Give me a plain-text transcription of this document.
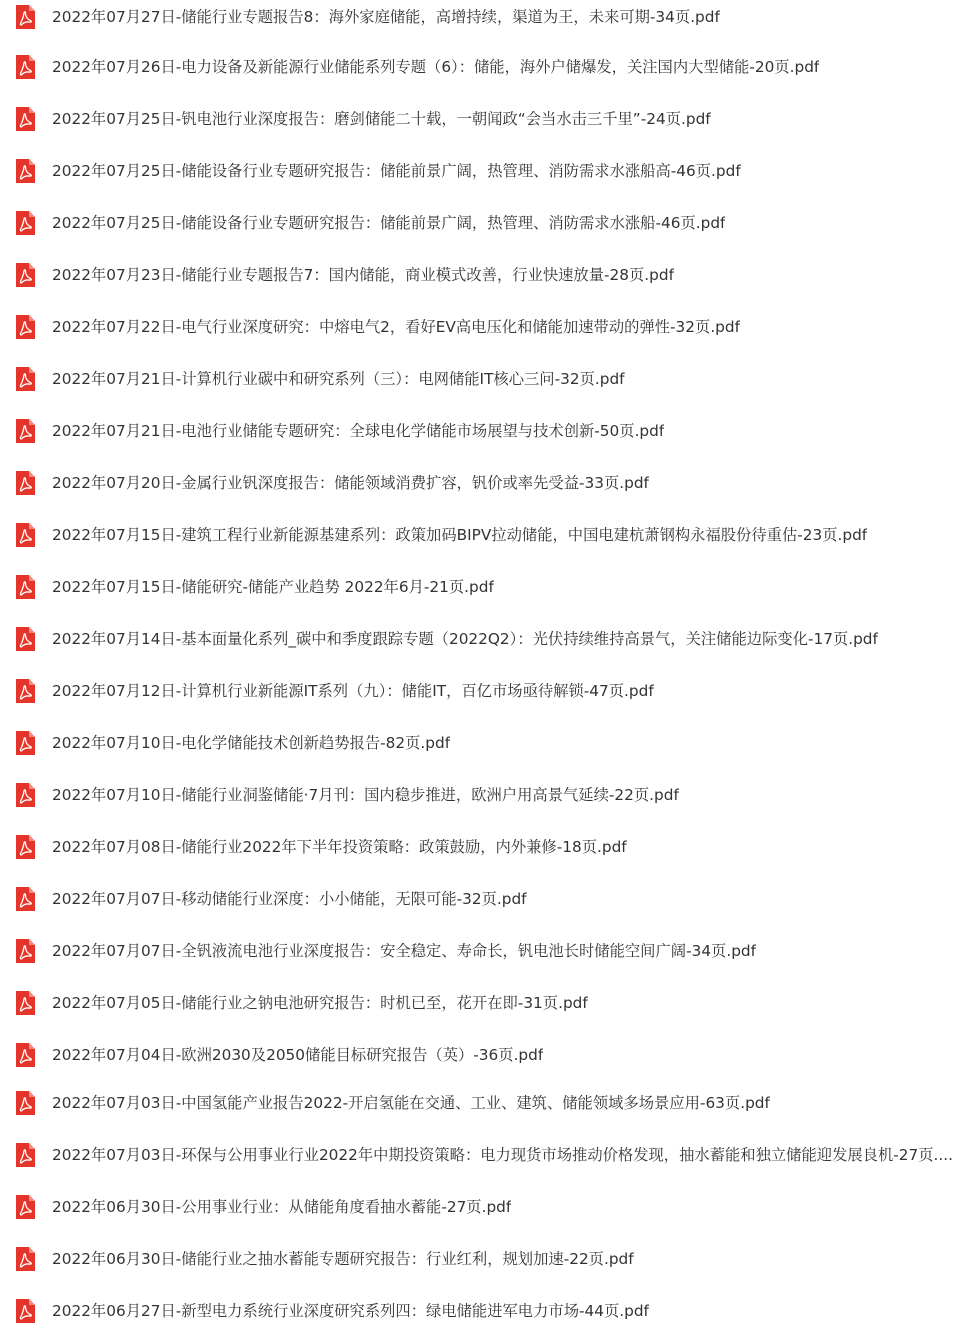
2022年07月27日-储能行业专题报告8：海外家庭储能，高增持续，渠道为王，未来可期-34页.pdf
2022年07月26日-电力设备及新能源行业储能系列专题（6）：储能，海外户储爆发，关注国内大型储能-20页.pdf
2022年07月25日-钒电池行业深度报告：磨剑储能二十载，一朝闻政“会当水击三千里”-24页.pdf
2022年07月25日-储能设备行业专题研究报告：储能前景广阔，热管理、消防需求水涨船高-46页.pdf
2022年07月25日-储能设备行业专题研究报告：储能前景广阔，热管理、消防需求水涨船-46页.pdf
2022年07月23日-储能行业专题报告7：国内储能，商业模式改善，行业快速放量-28页.pdf
2022年07月22日-电气行业深度研究：中熔电气2，看好EV高电压化和储能加速带动的弹性-32页.pdf
2022年07月21日-计算机行业碳中和研究系列（三）：电网储能IT核心三问-32页.pdf
2022年07月21日-电池行业储能专题研究：全球电化学储能市场展望与技术创新-50页.pdf
2022年07月20日-金属行业钒深度报告：储能领域消费扩容，钒价或率先受益-33页.pdf
2022年07月15日-建筑工程行业新能源基建系列：政策加码BIPV拉动储能，中国电建杭萧钢构永福股份待重估-23页.pdf
2022年07月15日-储能研究-储能产业趋势 2022年6月-21页.pdf
2022年07月14日-基本面量化系列_碳中和季度跟踪专题（2022Q2）：光伏持续维持高景气，关注储能边际变化-17页.pdf
2022年07月12日-计算机行业新能源IT系列（九）：储能IT，百亿市场亟待解锁-47页.pdf
2022年07月10日-电化学储能技术创新趋势报告-82页.pdf
2022年07月10日-储能行业洞鉴储能·7月刊：国内稳步推进，欧洲户用高景气延续-22页.pdf
2022年07月08日-储能行业2022年下半年投资策略：政策鼓励，内外兼修-18页.pdf
2022年07月07日-移动储能行业深度：小小储能，无限可能-32页.pdf
2022年07月07日-全钒液流电池行业深度报告：安全稳定、寿命长，钒电池长时储能空间广阔-34页.pdf
2022年07月05日-储能行业之钠电池研究报告：时机已至，花开在即-31页.pdf
2022年07月04日-欧洲2030及2050储能目标研究报告（英）-36页.pdf
2022年07月03日-中国氢能产业报告2022-开启氢能在交通、工业、建筑、储能领域多场景应用-63页.pdf
2022年07月03日-环保与公用事业行业2022年中期投资策略：电力现货市场推动价格发现，抽水蓄能和独立储能迎发展良机-27页....
2022年06月30日-公用事业行业：从储能角度看抽水蓄能-27页.pdf
2022年06月30日-储能行业之抽水蓄能专题研究报告：行业红利，规划加速-22页.pdf
2022年06月27日-新型电力系统行业深度研究系列四：绿电储能进军电力市场-44页.pdf
